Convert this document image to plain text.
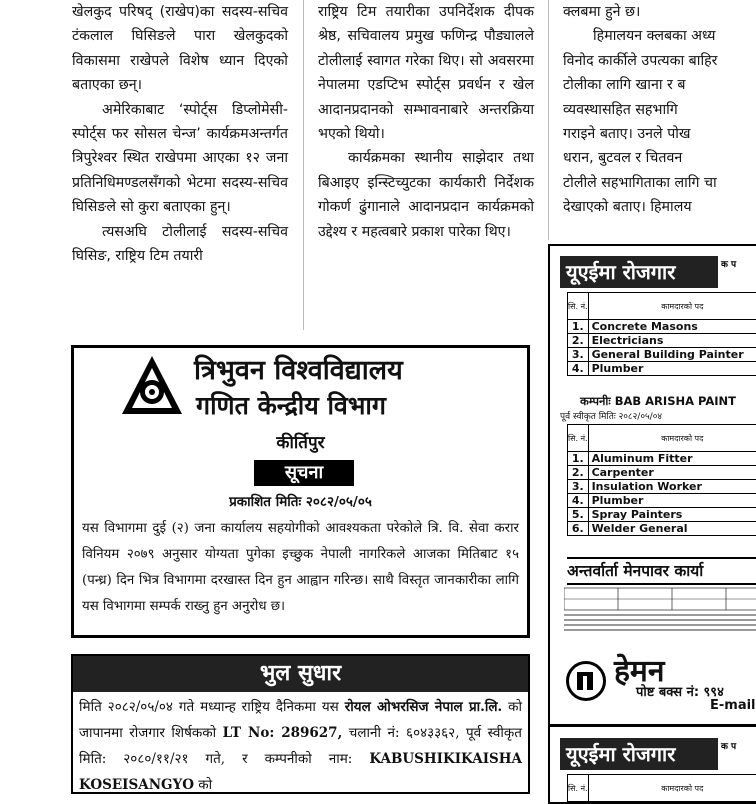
खेलकुद परिषद् (राखेप)का सदस्य-सचिव टंकलाल घिसिङले पारा खेलकुदको विकासमा राखेपले विशेष ध्यान दिएको बताएका छन्।

अमेरिकाबाट ‘स्पोर्ट्स डिप्लोमेसी-स्पोर्ट्स फर सोसल चेन्ज’ कार्यक्रमअन्तर्गत त्रिपुरेश्वर स्थित राखेपमा आएका १२ जना प्रतिनिधिमण्डलसँगको भेटमा सदस्य-सचिव घिसिङले सो कुरा बताएका हुन्।

त्यसअघि टोलीलाई सदस्य-सचिव घिसिङ, राष्ट्रिय टिम तयारी

राष्ट्रिय टिम तयारीका उपनिर्देशक दीपक श्रेष्ठ, सचिवालय प्रमुख फणिन्द्र पौड्यालले टोलीलाई स्वागत गरेका थिए। सो अवसरमा नेपालमा एडप्टिभ स्पोर्ट्स प्रवर्धन र खेल आदानप्रदानको सम्भावनाबारे अन्तरक्रिया भएको थियो।

कार्यक्रमका स्थानीय साझेदार तथा बिआइए इन्स्टिच्युटका कार्यकारी निर्देशक गोकर्ण ढुंगानाले आदानप्रदान कार्यक्रमको उद्देश्य र महत्वबारे प्रकाश पारेका थिए।

क्लबमा हुने छ।

हिमालयन क्लबका अध्य

विनोद कार्कीले उपत्यका बाहिर

टोलीका लागि खाना र ब

व्यवस्थासहित सहभागि

गराइने बताए। उनले पोख

धरान, बुटवल र चितवन

टोलीले सहभागिताका लागि चा

देखाएको बताए। हिमालय

त्रिभुवन विश्वविद्यालय
गणित केन्द्रीय विभाग
कीर्तिपुर
सूचना
प्रकाशित मितिः २०८२/०५/०५
यस विभागमा दुई (२) जना कार्यालय सहयोगीको आवश्यकता परेकोले त्रि. वि. सेवा करार विनियम २०७९ अनुसार योग्यता पुगेका इच्छुक नेपाली नागरिकले आजका मितिबाट १५ (पन्ध्र) दिन भित्र विभागमा दरखास्त दिन हुन आह्वान गरिन्छ। साथै विस्तृत जानकारीका लागि यस विभागमा सम्पर्क राख्नु हुन अनुरोध छ।
भुल सुधार
मिति २०८२/०५/०४ गते मध्यान्ह राष्ट्रिय दैनिकमा यस रोयल ओभरसिज नेपाल प्रा.लि. को जापानमा रोजगार शिर्षकको LT No: 289627, चलानी नं: ६०४३३६२, पूर्व स्वीकृत मिति: २०८०/११/२१ गते, र कम्पनीको नाम: KABUSHIKIKAISHA KOSEISANGYO को
यूएईमा रोजगार	क प
सि. नं.	कामदारको पद
1.	Concrete Masons
2.	Electricians
3.	General Building Painter
4.	Plumber
कम्पनीः BAB ARISHA PAINT
पूर्व स्वीकृत मितिः २०८२/०५/०४
सि. नं.	कामदारको पद
1.	Aluminum Fitter
2.	Carpenter
3.	Insulation Worker
4.	Plumber
5.	Spray Painters
6.	Welder General
अन्तर्वार्ता मेनपावर कार्या
हेमन
पोष्ट बक्स नं: ९९४
E-mail
यूएईमा रोजगार	क प
सि. नं.	कामदारको पद
